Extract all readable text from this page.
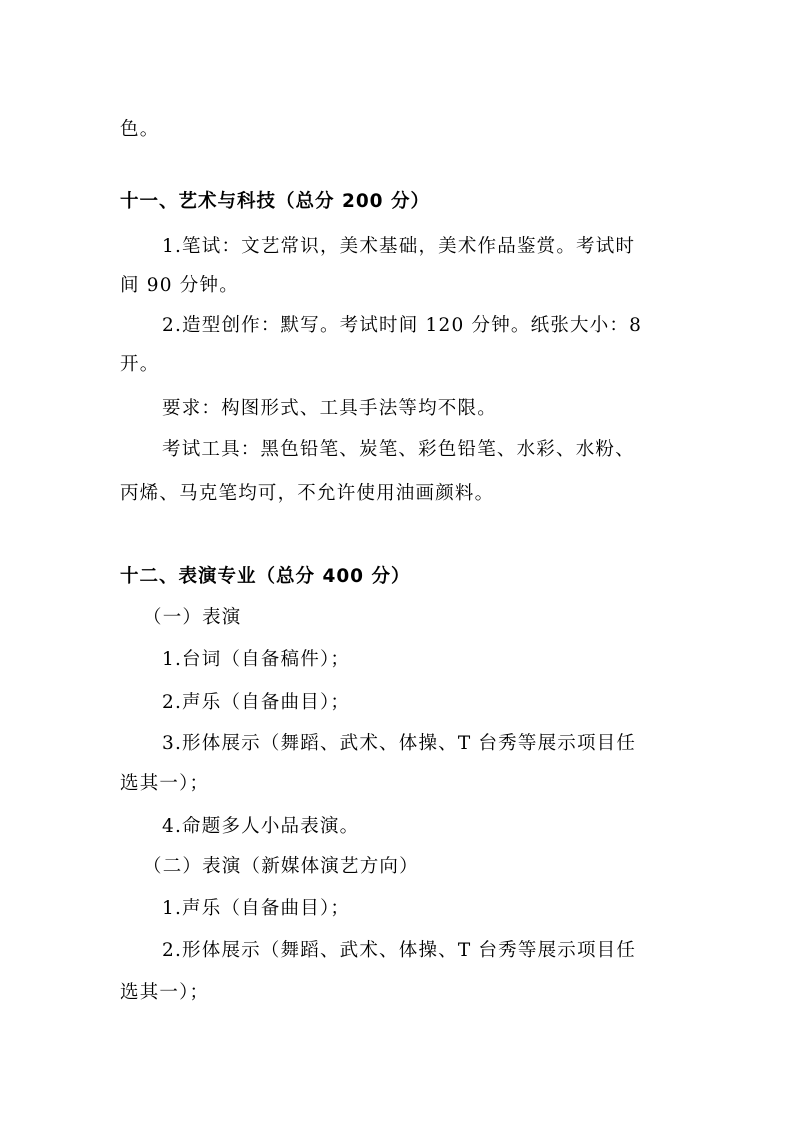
色。
十一、艺术与科技（总分 200 分）
1.笔试：文艺常识，美术基础，美术作品鉴赏。考试时
间 90 分钟。
2.造型创作：默写。考试时间 120 分钟。纸张大小：8
开。
要求：构图形式、工具手法等均不限。
考试工具：黑色铅笔、炭笔、彩色铅笔、水彩、水粉、
丙烯、马克笔均可，不允许使用油画颜料。
十二、表演专业（总分 400 分）
（一）表演
1.台词（自备稿件）；
2.声乐（自备曲目）；
3.形体展示（舞蹈、武术、体操、T 台秀等展示项目任
选其一）；
4.命题多人小品表演。
（二）表演（新媒体演艺方向）
1.声乐（自备曲目）；
2.形体展示（舞蹈、武术、体操、T 台秀等展示项目任
选其一）；
